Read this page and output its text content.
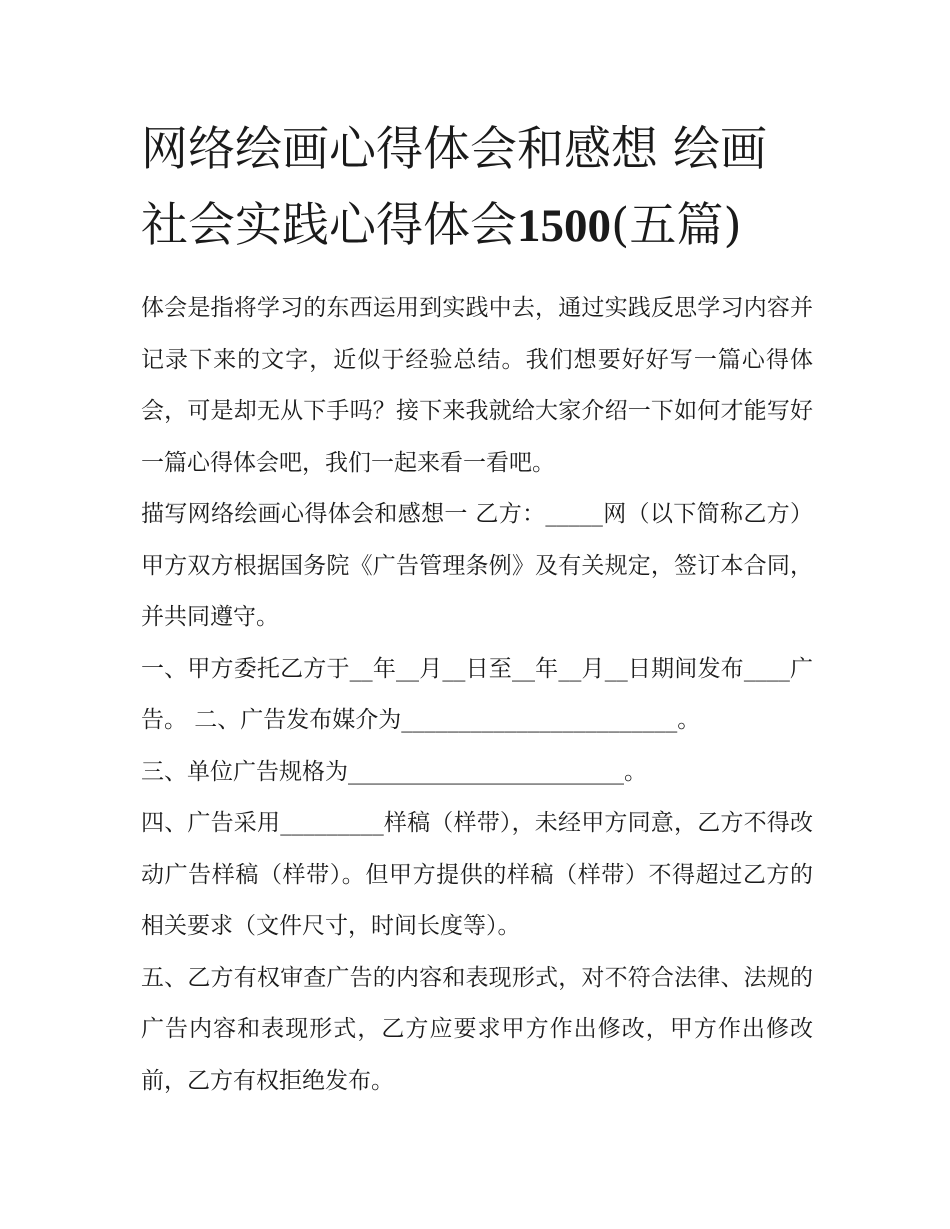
网络绘画心得体会和感想 绘画社会实践心得体会1500(五篇)

体会是指将学习的东西运用到实践中去，通过实践反思学习内容并记录下来的文字，近似于经验总结。我们想要好好写一篇心得体会，可是却无从下手吗？接下来我就给大家介绍一下如何才能写好一篇心得体会吧，我们一起来看一看吧。

描写网络绘画心得体会和感想一 乙方：_____网（以下简称乙方） 甲方双方根据国务院《广告管理条例》及有关规定，签订本合同，并共同遵守。

一、甲方委托乙方于__年__月__日至__年__月__日期间发布____广告。 二、广告发布媒介为________________________。

三、单位广告规格为________________________。

四、广告采用_________样稿（样带），未经甲方同意，乙方不得改动广告样稿（样带）。但甲方提供的样稿（样带）不得超过乙方的相关要求（文件尺寸，时间长度等）。

五、乙方有权审查广告的内容和表现形式，对不符合法律、法规的广告内容和表现形式，乙方应要求甲方作出修改，甲方作出修改前，乙方有权拒绝发布。
